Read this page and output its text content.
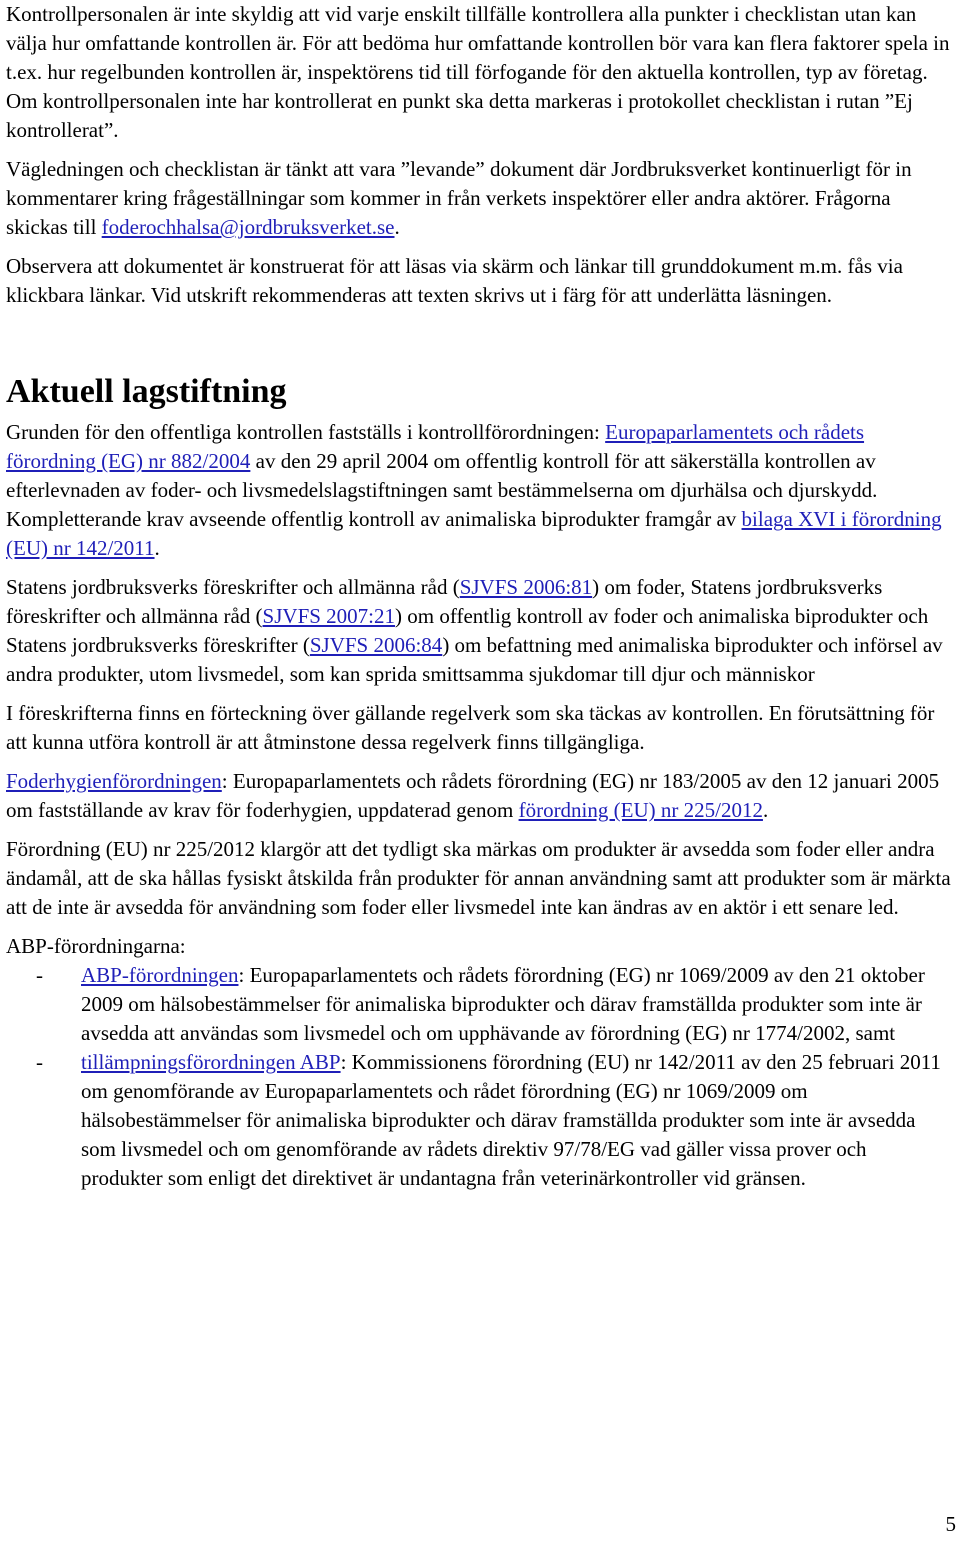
Kontrollpersonalen är inte skyldig att vid varje enskilt tillfälle kontrollera alla punkter i checklistan utan kan välja hur omfattande kontrollen är. För att bedöma hur omfattande kontrollen bör vara kan flera faktorer spela in t.ex. hur regelbunden kontrollen är, inspektörens tid till förfogande för den aktuella kontrollen, typ av företag. Om kontrollpersonalen inte har kontrollerat en punkt ska detta markeras i protokollet checklistan i rutan ”Ej kontrollerat”.

Vägledningen och checklistan är tänkt att vara ”levande” dokument där Jordbruksverket kontinuerligt för in kommentarer kring frågeställningar som kommer in från verkets inspektörer eller andra aktörer. Frågorna skickas till foderochhalsa@jordbruksverket.se.

Observera att dokumentet är konstruerat för att läsas via skärm och länkar till grunddokument m.m. fås via klickbara länkar. Vid utskrift rekommenderas att texten skrivs ut i färg för att underlätta läsningen.

Aktuell lagstiftning

Grunden för den offentliga kontrollen fastställs i kontrollförordningen: Europaparlamentets och rådets förordning (EG) nr 882/2004 av den 29 april 2004 om offentlig kontroll för att säkerställa kontrollen av efterlevnaden av foder- och livsmedelslagstiftningen samt bestämmelserna om djurhälsa och djurskydd. Kompletterande krav avseende offentlig kontroll av animaliska biprodukter framgår av bilaga XVI i förordning (EU) nr 142/2011.

Statens jordbruksverks föreskrifter och allmänna råd (SJVFS 2006:81) om foder, Statens jordbruksverks föreskrifter och allmänna råd (SJVFS 2007:21) om offentlig kontroll av foder och animaliska biprodukter och Statens jordbruksverks föreskrifter (SJVFS 2006:84) om befattning med animaliska biprodukter och införsel av andra produkter, utom livsmedel, som kan sprida smittsamma sjukdomar till djur och människor

I föreskrifterna finns en förteckning över gällande regelverk som ska täckas av kontrollen. En förutsättning för att kunna utföra kontroll är att åtminstone dessa regelverk finns tillgängliga.

Foderhygienförordningen: Europaparlamentets och rådets förordning (EG) nr 183/2005 av den 12 januari 2005 om fastställande av krav för foderhygien, uppdaterad genom förordning (EU) nr 225/2012.

Förordning (EU) nr 225/2012 klargör att det tydligt ska märkas om produkter är avsedda som foder eller andra ändamål, att de ska hållas fysiskt åtskilda från produkter för annan användning samt att produkter som är märkta att de inte är avsedda för användning som foder eller livsmedel inte kan ändras av en aktör i ett senare led.

ABP-förordningarna:

- ABP-förordningen: Europaparlamentets och rådets förordning (EG) nr 1069/2009 av den 21 oktober 2009 om hälsobestämmelser för animaliska biprodukter och därav framställda produkter som inte är avsedda att användas som livsmedel och om upphävande av förordning (EG) nr 1774/2002, samt
- tillämpningsförordningen ABP: Kommissionens förordning (EU) nr 142/2011 av den 25 februari 2011 om genomförande av Europaparlamentets och rådet förordning (EG) nr 1069/2009 om hälsobestämmelser för animaliska biprodukter och därav framställda produkter som inte är avsedda som livsmedel och om genomförande av rådets direktiv 97/78/EG vad gäller vissa prover och produkter som enligt det direktivet är undantagna från veterinärkontroller vid gränsen.
5
